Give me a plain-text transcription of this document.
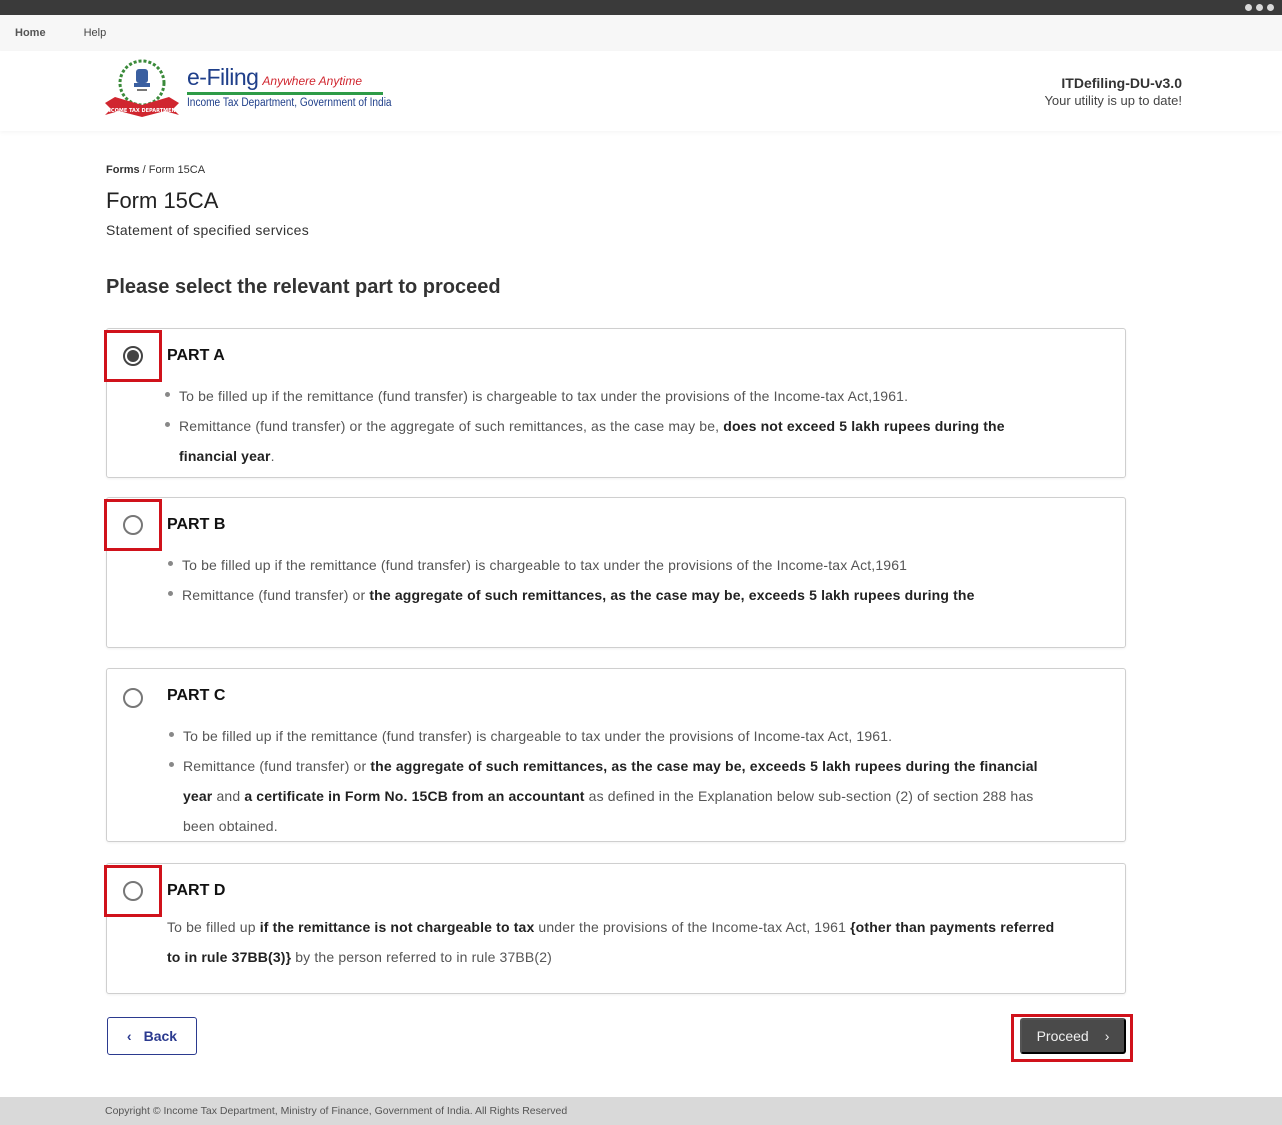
Home	Help
INCOME TAX DEPARTMENT
e-Filing Anywhere Anytime
Income Tax Department, Government of India
ITDefiling-DU-v3.0
Your utility is up to date!
Forms / Form 15CA
Form 15CA
Statement of specified services
Please select the relevant part to proceed
PART A
To be filled up if the remittance (fund transfer) is chargeable to tax under the provisions of the Income-tax Act,1961.
Remittance (fund transfer) or the aggregate of such remittances, as the case may be, does not exceed 5 lakh rupees during the financial year.
PART B
To be filled up if the remittance (fund transfer) is chargeable to tax under the provisions of the Income-tax Act,1961
Remittance (fund transfer) or the aggregate of such remittances, as the case may be, exceeds 5 lakh rupees during the
PART C
To be filled up if the remittance (fund transfer) is chargeable to tax under the provisions of Income-tax Act, 1961.
Remittance (fund transfer) or the aggregate of such remittances, as the case may be, exceeds 5 lakh rupees during the financial year and a certificate in Form No. 15CB from an accountant as defined in the Explanation below sub-section (2) of section 288 has been obtained.
PART D
To be filled up if the remittance is not chargeable to tax under the provisions of the Income-tax Act, 1961 {other than payments referred to in rule 37BB(3)} by the person referred to in rule 37BB(2)
‹ Back	Proceed ›
Copyright © Income Tax Department, Ministry of Finance, Government of India. All Rights Reserved
